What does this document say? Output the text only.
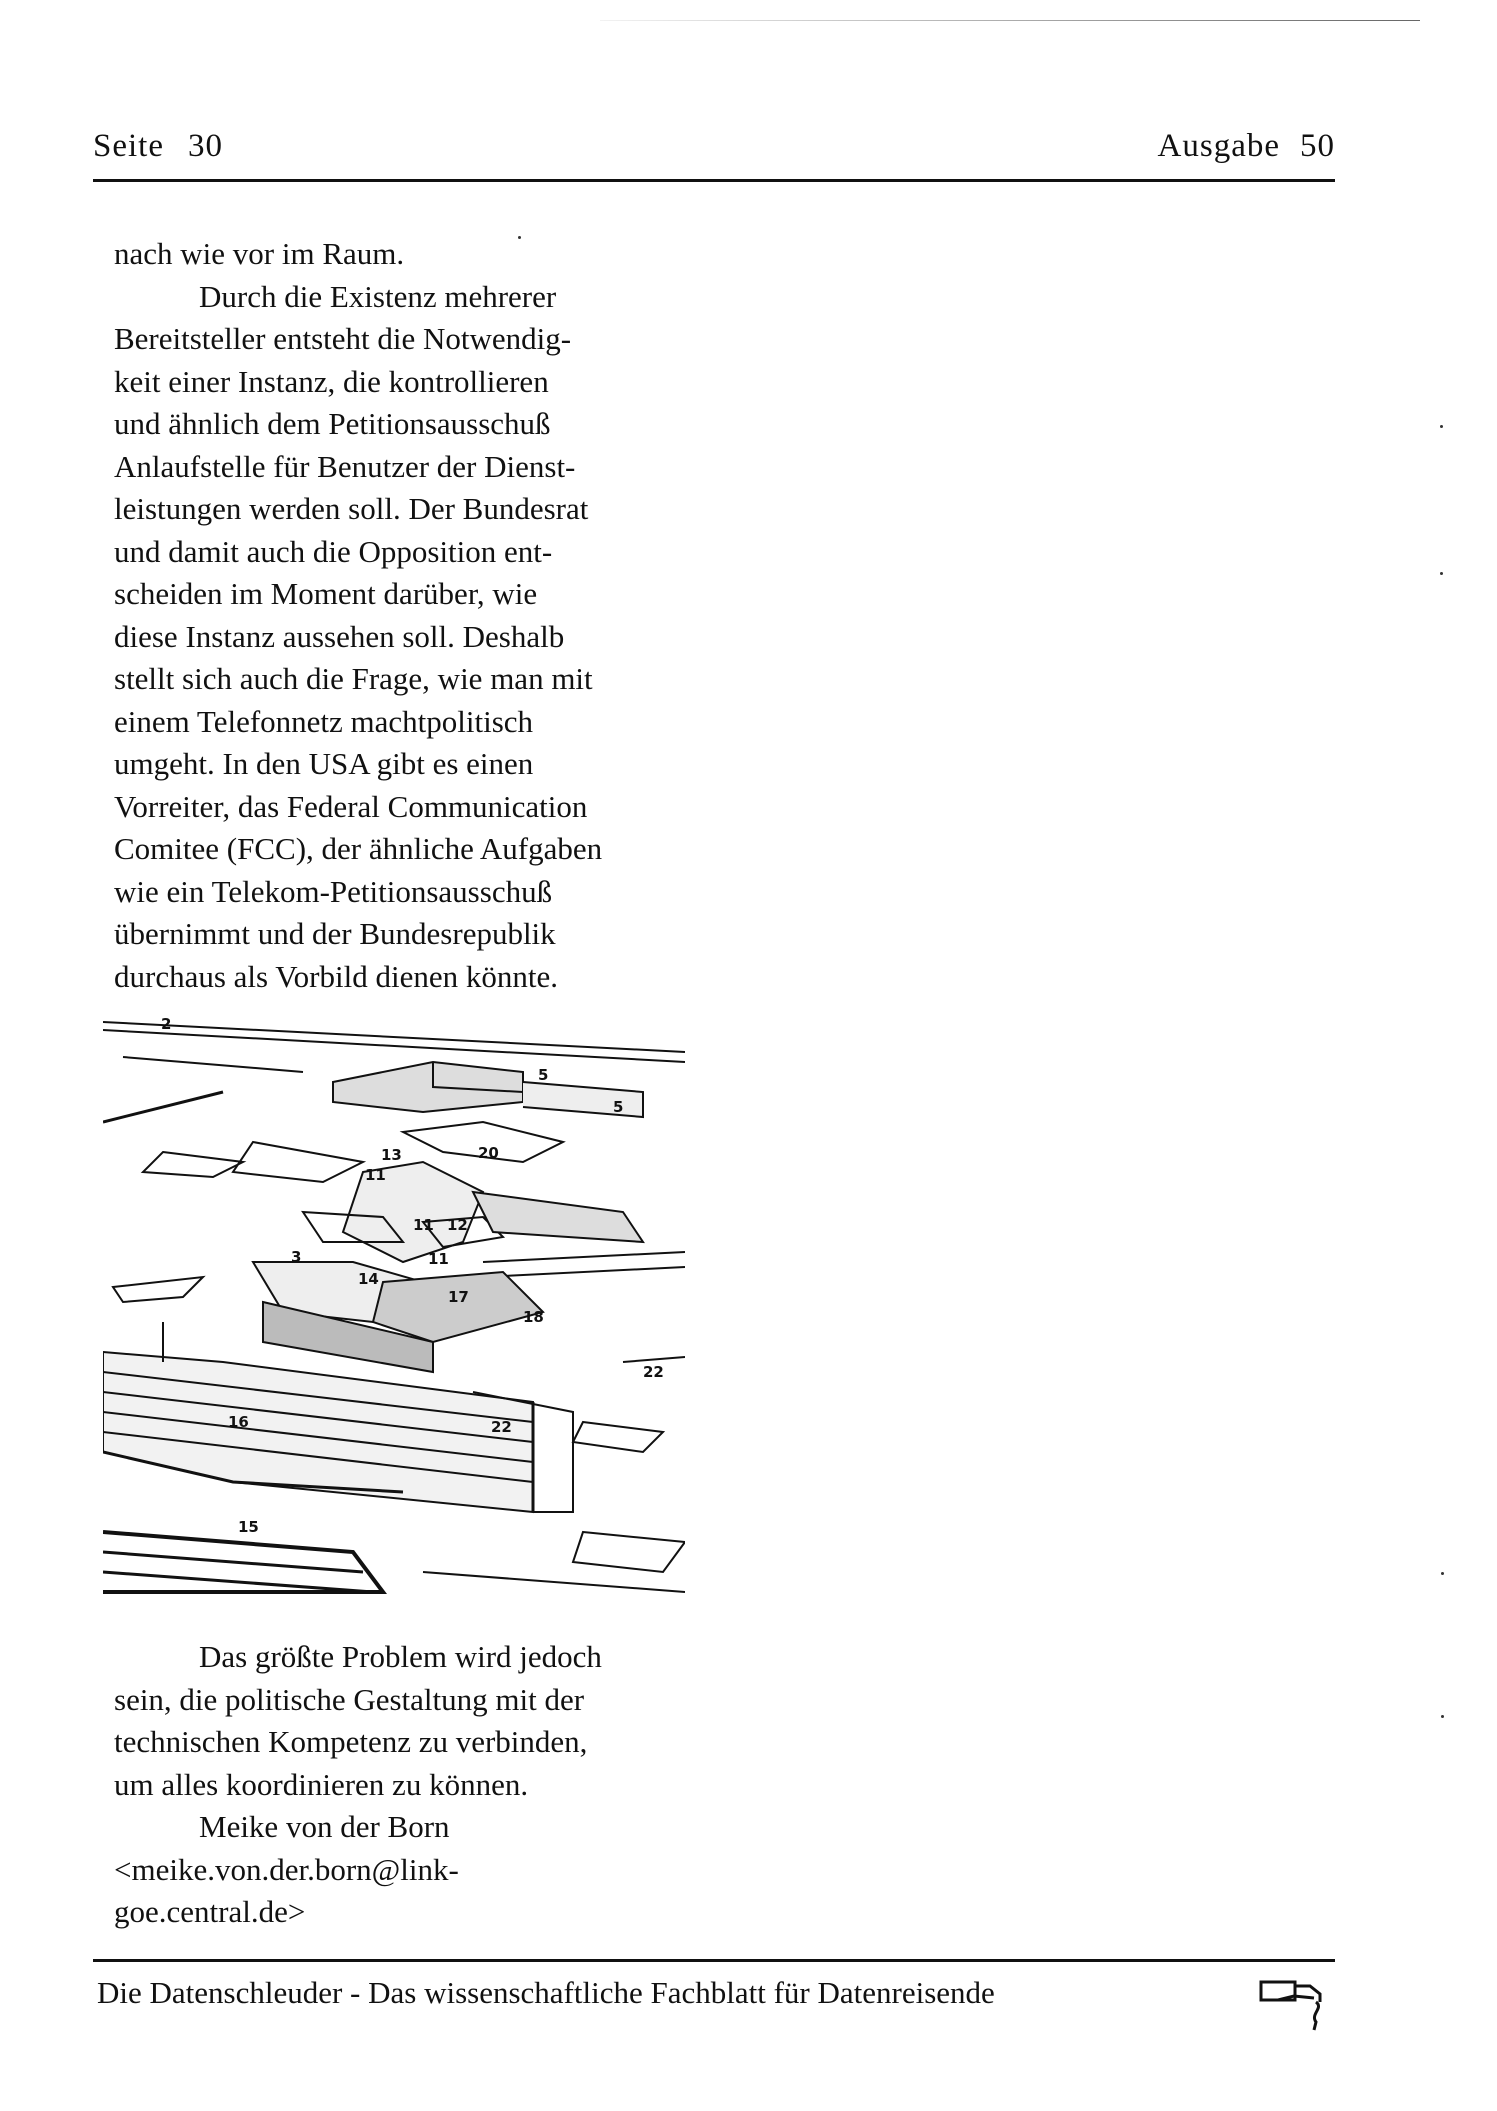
Seite 30	Ausgabe 50
nach wie vor im Raum.
Durch die Existenz mehrerer
Bereitsteller entsteht die Notwendig-
keit einer Instanz, die kontrollieren
und ähnlich dem Petitionsausschuß
Anlaufstelle für Benutzer der Dienst-
leistungen werden soll. Der Bundesrat
und damit auch die Opposition ent-
scheiden im Moment darüber, wie
diese Instanz aussehen soll. Deshalb
stellt sich auch die Frage, wie man mit
einem Telefonnetz machtpolitisch
umgeht. In den USA gibt es einen
Vorreiter, das Federal Communication
Comitee (FCC), der ähnliche Aufgaben
wie ein Telekom-Petitionsausschuß
übernimmt und der Bundesrepublik
durchaus als Vorbild dienen könnte.
2
5
5
13	20
11
11 12
11
3
14
17
18
22
22
16
15
Das größte Problem wird jedoch
sein, die politische Gestaltung mit der
technischen Kompetenz zu verbinden,
um alles koordinieren zu können.
Meike von der Born
<meike.von.der.born@link-
goe.central.de>
Die Datenschleuder - Das wissenschaftliche Fachblatt für Datenreisende
